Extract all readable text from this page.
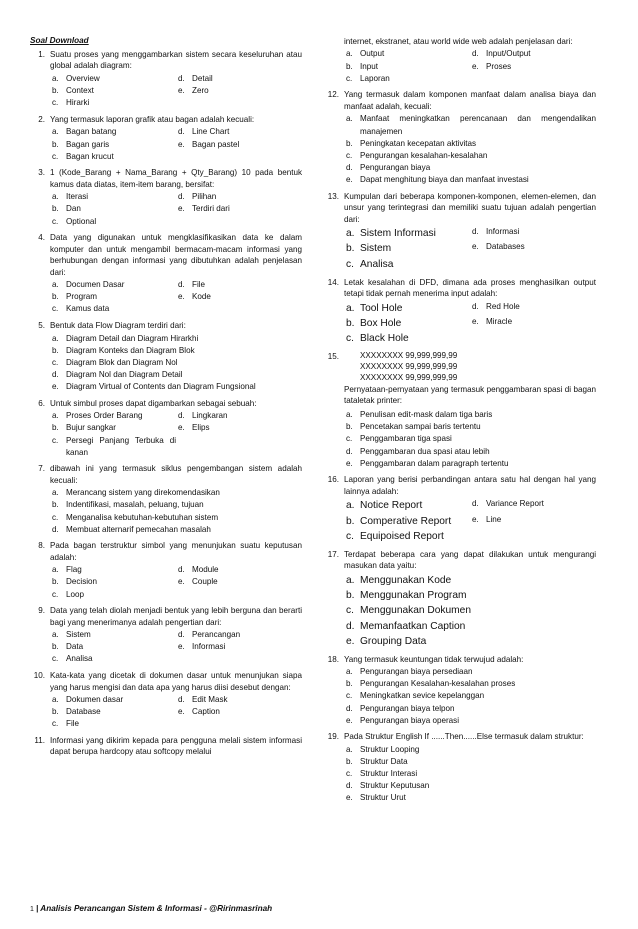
Soal Download
1. Suatu proses yang menggambarkan sistem secara keseluruhan atau global adalah diagram:
a. Overview	d. Detail
b. Context	e. Zero
c. Hirarki
2. Yang termasuk laporan grafik atau bagan adalah kecuali:
a. Bagan batang	d. Line Chart
b. Bagan garis	e. Bagan pastel
c. Bagan krucut
3. 1 (Kode_Barang + Nama_Barang + Qty_Barang) 10 pada bentuk kamus data diatas, item-item barang, bersifat:
a. Iterasi	d. Pilihan
b. Dan	e. Terdiri dari
c. Optional
4. Data yang digunakan untuk mengklasifikasikan data ke dalam komputer dan untuk mengambil bermacam-macam informasi yang berhubungan dengan informasi yang dibutuhkan adalah penjelasan dari:
a. Documen Dasar	d. File
b. Program	e. Kode
c. Kamus data
5. Bentuk data Flow Diagram terdiri dari:
a. Diagram Detail dan Diagram Hirarkhi
b. Diagram Konteks dan Diagram Blok
c. Diagram Blok dan Diagram Nol
d. Diagram Nol dan Diagram Detail
e. Diagram Virtual of Contents dan Diagram Fungsional
6. Untuk simbul proses dapat digambarkan sebagai sebuah:
a. Proses Order Barang	d. Lingkaran
b. Bujur sangkar	e. Elips
c. Persegi Panjang Terbuka di kanan
7. dibawah ini yang termasuk siklus pengembangan sistem adalah kecuali:
a. Merancang sistem yang direkomendasikan
b. Indentifikasi, masalah, peluang, tujuan
c. Menganalisa kebutuhan-kebutuhan sistem
d. Membuat alternarif pemecahan masalah
8. Pada bagan terstruktur simbol yang menunjukan suatu keputusan adalah:
a. Flag	d. Module
b. Decision	e. Couple
c. Loop
9. Data yang telah diolah menjadi bentuk yang lebih berguna dan berarti bagi yang menerimanya adalah pengertian dari:
a. Sistem	d. Perancangan
b. Data	e. Informasi
c. Analisa
10. Kata-kata yang dicetak di dokumen dasar untuk menunjukan siapa yang harus mengisi dan data apa yang harus diisi desebut dengan:
a. Dokumen dasar	d. Edit Mask
b. Database	e. Caption
c. File
11. Informasi yang dikirim kepada para pengguna melali sistem informasi dapat berupa hardcopy atau softcopy melalui
internet, ekstranet, atau world wide web adalah penjelasan dari:
a. Output	d. Input/Output
b. Input	e. Proses
c. Laporan
12. Yang termasuk dalam komponen manfaat dalam analisa biaya dan manfaat adalah, kecuali:
a. Manfaat meningkatkan perencanaan dan mengendalikan manajemen
b. Peningkatan kecepatan aktivitas
c. Pengurangan kesalahan-kesalahan
d. Pengurangan biaya
e. Dapat menghitung biaya dan manfaat investasi
13. Kumpulan dari beberapa komponen-komponen, elemen-elemen, dan unsur yang terintegrasi dan memiliki suatu tujuan adalah pengertian dari:
a. Sistem Informasi	d. Informasi
b. Sistem	e. Databases
c. Analisa
14. Letak kesalahan di DFD, dimana ada proses menghasilkan output tetapi tidak pernah menerima input adalah:
a. Tool Hole	d. Red Hole
b. Box Hole	e. Miracle
c. Black Hole
15.	XXXXXXXX 99,999,999,99
XXXXXXXX 99,999,999,99
XXXXXXXX 99,999,999,99
Pernyataan-pernyataan yang termasuk penggambaran spasi di bagan tataletak printer:
a. Penulisan edit-mask dalam tiga baris
b. Pencetakan sampai baris tertentu
c. Penggambaran tiga spasi
d. Penggambaran dua spasi atau lebih
e. Penggambaran dalam paragraph tertentu
16. Laporan yang berisi perbandingan antara satu hal dengan hal yang lainnya adalah:
a. Notice Report	d. Variance Report
b. Comperative Report	e. Line
c. Equipoised Report
17. Terdapat beberapa cara yang dapat dilakukan untuk mengurangi masukan data yaitu:
a. Menggunakan Kode
b. Menggunakan Program
c. Menggunakan Dokumen
d. Memanfaatkan Caption
e. Grouping Data
18. Yang termasuk keuntungan tidak terwujud adalah:
a. Pengurangan biaya persediaan
b. Pengurangan Kesalahan-kesalahan proses
c. Meningkatkan sevice kepelanggan
d. Pengurangan biaya telpon
e. Pengurangan biaya operasi
19. Pada Struktur English If ......Then......Else termasuk dalam struktur:
a. Struktur Looping
b. Struktur Data
c. Struktur Interasi
d. Struktur Keputusan
e. Struktur Urut
1 | Analisis Perancangan Sistem & Informasi - @Ririnmasrinah
